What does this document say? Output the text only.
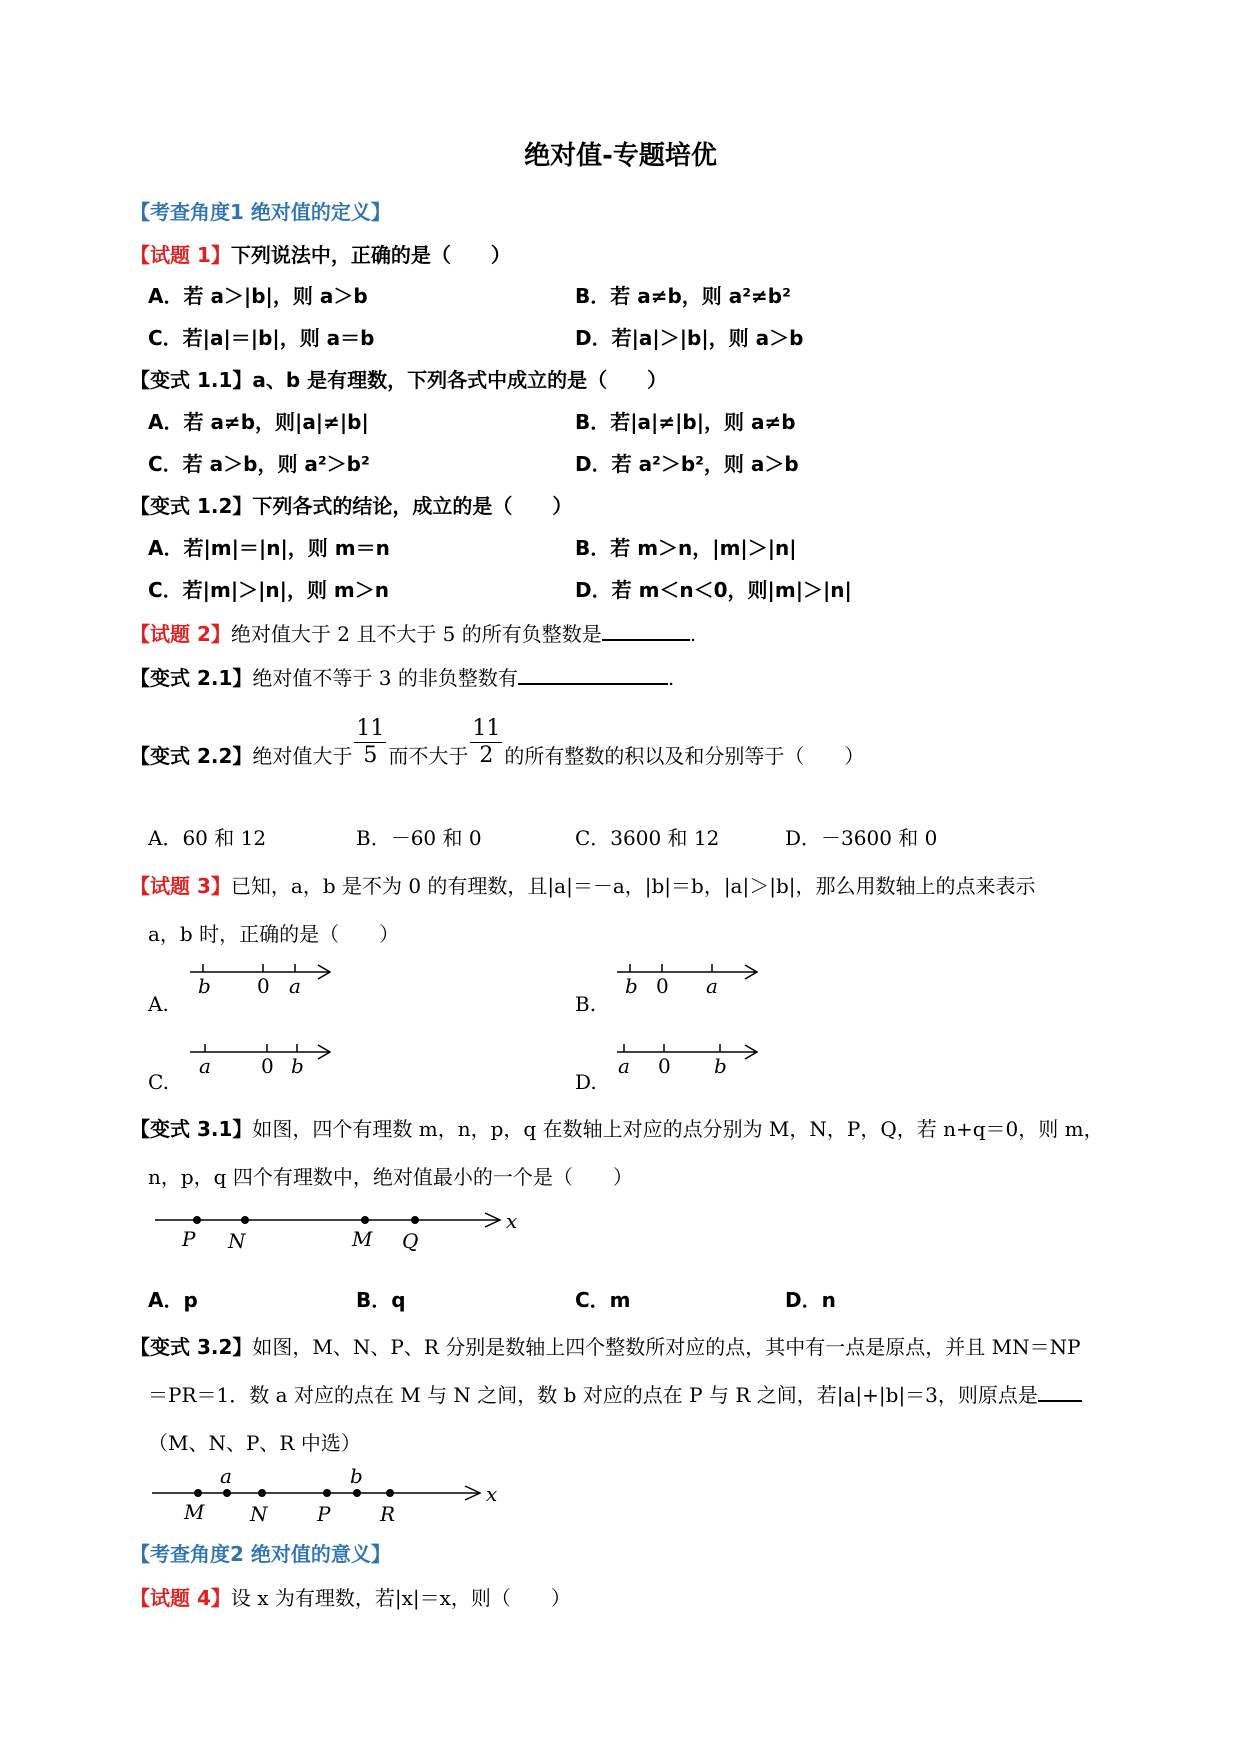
绝对值-专题培优
【考查角度1 绝对值的定义】
【试题 1】下列说法中，正确的是（　　）
A．若 a＞|b|，则 a＞b	B．若 a≠b，则 a²≠b²
C．若|a|＝|b|，则 a＝b	D．若|a|＞|b|，则 a＞b
【变式 1.1】a、b 是有理数，下列各式中成立的是（　　）
A．若 a≠b，则|a|≠|b|	B．若|a|≠|b|，则 a≠b
C．若 a＞b，则 a²＞b²	D．若 a²＞b²，则 a＞b
【变式 1.2】下列各式的结论，成立的是（　　）
A．若|m|＝|n|，则 m＝n	B．若 m＞n，|m|＞|n|
C．若|m|＞|n|，则 m＞n	D．若 m＜n＜0，则|m|＞|n|
【试题 2】绝对值大于 2 且不大于 5 的所有负整数是	.
【变式 2.1】绝对值不等于 3 的非负整数有	.
【变式 2.2】绝对值大于 $\frac{11}{5}$ 而不大于 $\frac{11}{2}$ 的所有整数的积以及和分别等于（　　）
A．60 和 12	B．－60 和 0	C．3600 和 12	D．－3600 和 0
【试题 3】已知，a，b 是不为 0 的有理数，且|a|＝－a，|b|＝b，|a|＞|b|，那么用数轴上的点来表示
a，b 时，正确的是（　　）
A.
b 0 a
B.
b 0 a
C.
a	0 b
D.
a 0 b
【变式 3.1】如图，四个有理数 m，n，p，q 在数轴上对应的点分别为 M，N，P，Q，若 n+q＝0，则 m，
n，p，q 四个有理数中，绝对值最小的一个是（　　）
P N	M Q
x
A．p	B．q	C．m	D．n
【变式 3.2】如图，M、N、P、R 分别是数轴上四个整数所对应的点，其中有一点是原点，并且 MN＝NP
＝PR＝1．数 a 对应的点在 M 与 N 之间，数 b 对应的点在 P 与 R 之间，若|a|+|b|＝3，则原点是
（M、N、P、R 中选）
a	b
M N P R
x
【考查角度2 绝对值的意义】
【试题 4】设 x 为有理数，若|x|＝x，则（　　）
